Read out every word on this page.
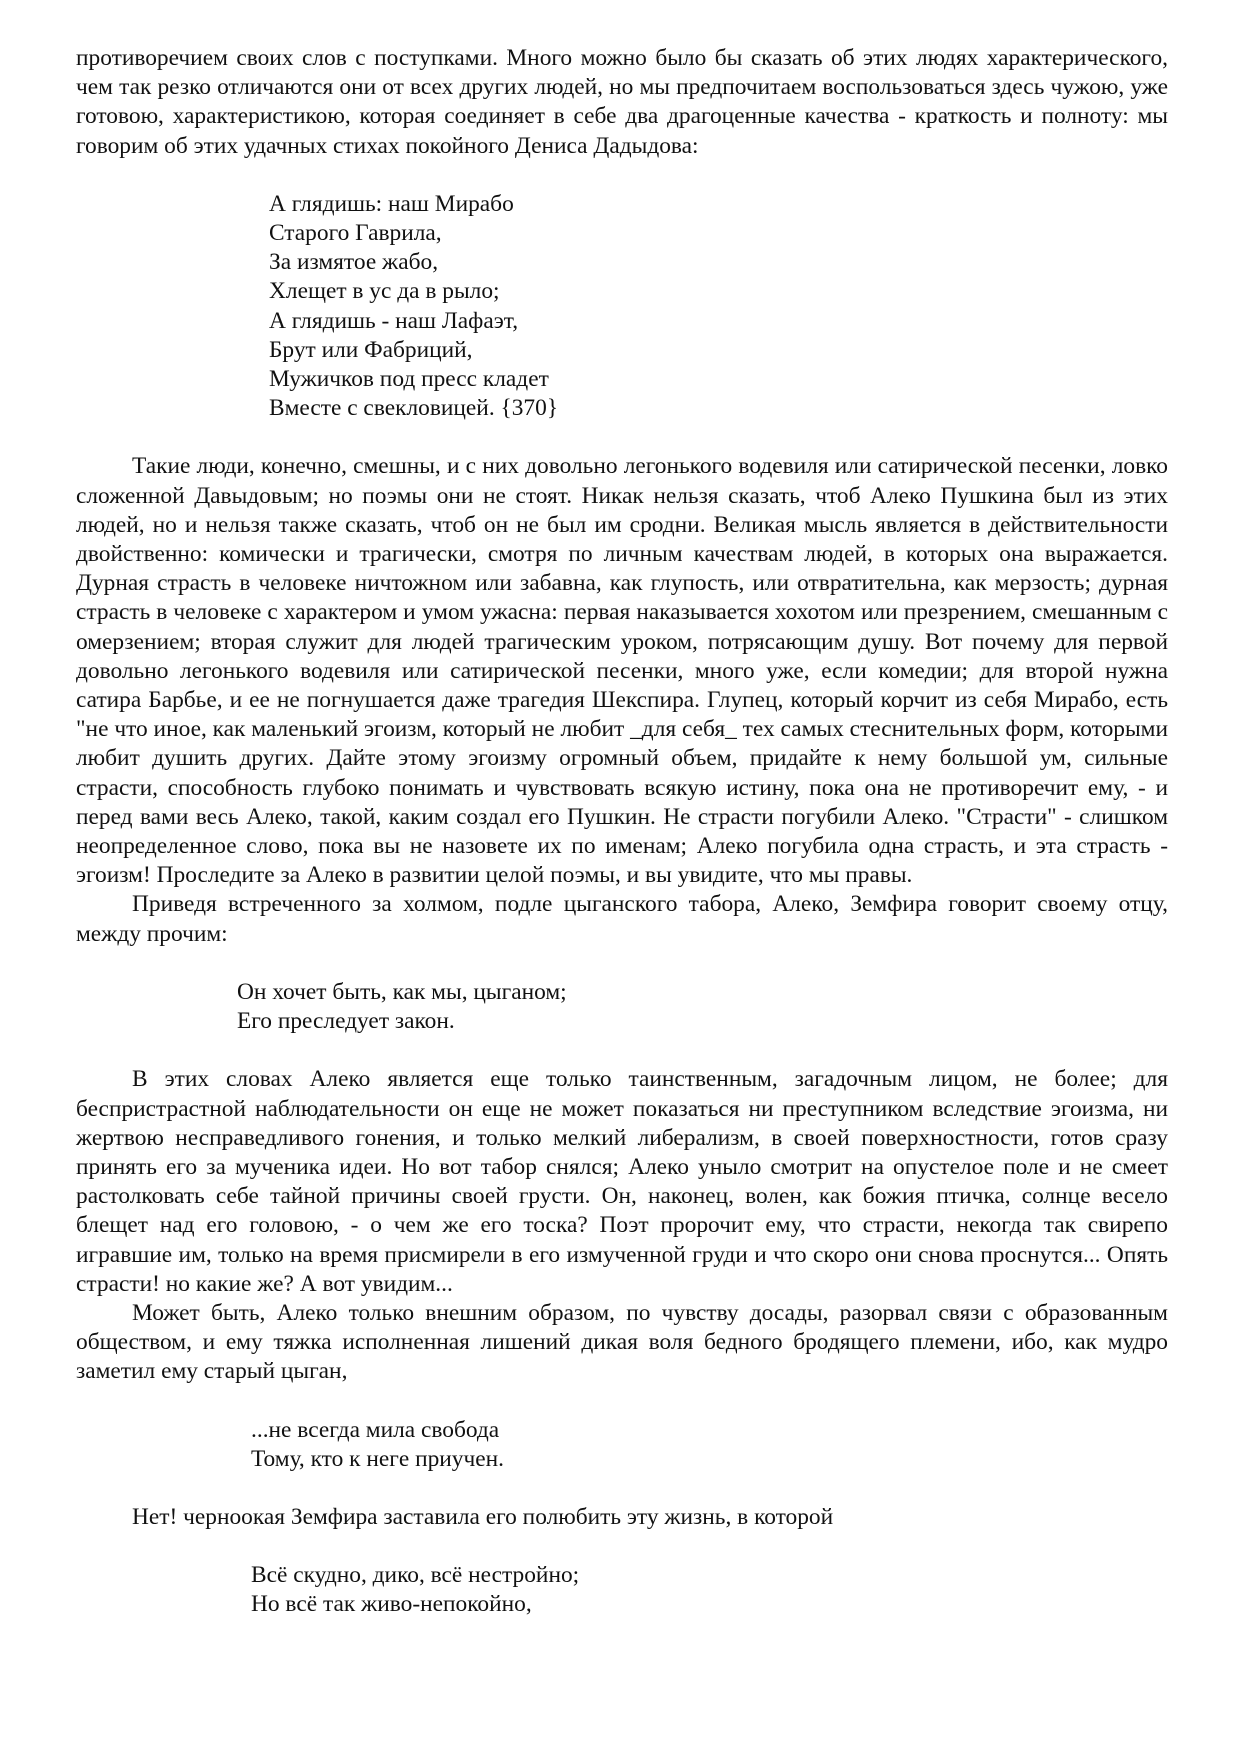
противоречием своих слов с поступками. Много можно было бы сказать об этих людях характерического, чем так резко отличаются они от всех других людей, но мы предпочитаем воспользоваться здесь чужою, уже готовою, характеристикою, которая соединяет в себе два драгоценные качества - краткость и полноту: мы говорим об этих удачных стихах покойного Дениса Дадыдова:

А глядишь: наш Мирабо
Старого Гаврила,
За измятое жабо,
Хлещет в ус да в рыло;
А глядишь - наш Лафаэт,
Брут или Фабриций,
Мужичков под пресс кладет
Вместе с свекловицей. {370}

Такие люди, конечно, смешны, и с них довольно легонького водевиля или сатирической песенки, ловко сложенной Давыдовым; но поэмы они не стоят. Никак нельзя сказать, чтоб Алеко Пушкина был из этих людей, но и нельзя также сказать, чтоб он не был им сродни. Великая мысль является в действительности двойственно: комически и трагически, смотря по личным качествам людей, в которых она выражается. Дурная страсть в человеке ничтожном или забавна, как глупость, или отвратительна, как мерзость; дурная страсть в человеке с характером и умом ужасна: первая наказывается хохотом или презрением, смешанным с омерзением; вторая служит для людей трагическим уроком, потрясающим душу. Вот почему для первой довольно легонького водевиля или сатирической песенки, много уже, если комедии; для второй нужна сатира Барбье, и ее не погнушается даже трагедия Шекспира. Глупец, который корчит из себя Мирабо, есть "не что иное, как маленький эгоизм, который не любит _для себя_ тех самых стеснительных форм, которыми любит душить других. Дайте этому эгоизму огромный объем, придайте к нему большой ум, сильные страсти, способность глубоко понимать и чувствовать всякую истину, пока она не противоречит ему, - и перед вами весь Алеко, такой, каким создал его Пушкин. Не страсти погубили Алеко. "Страсти" - слишком неопределенное слово, пока вы не назовете их по именам; Алеко погубила одна страсть, и эта страсть - эгоизм! Проследите за Алеко в развитии целой поэмы, и вы увидите, что мы правы.

Приведя встреченного за холмом, подле цыганского табора, Алеко, Земфира говорит своему отцу, между прочим:

Он хочет быть, как мы, цыганом;
Его преследует закон.

В этих словах Алеко является еще только таинственным, загадочным лицом, не более; для беспристрастной наблюдательности он еще не может показаться ни преступником вследствие эгоизма, ни жертвою несправедливого гонения, и только мелкий либерализм, в своей поверхностности, готов сразу принять его за мученика идеи. Но вот табор снялся; Алеко уныло смотрит на опустелое поле и не смеет растолковать себе тайной причины своей грусти. Он, наконец, волен, как божия птичка, солнце весело блещет над его головою, - о чем же его тоска? Поэт пророчит ему, что страсти, некогда так свирепо игравшие им, только на время присмирели в его измученной груди и что скоро они снова проснутся... Опять страсти! но какие же? А вот увидим...

Может быть, Алеко только внешним образом, по чувству досады, разорвал связи с образованным обществом, и ему тяжка исполненная лишений дикая воля бедного бродящего племени, ибо, как мудро заметил ему старый цыган,

...не всегда мила свобода
Тому, кто к негe приучен.

Нет! черноокая Земфира заставила его полюбить эту жизнь, в которой

Всё скудно, дико, всё нестройно;
Но всё так живо-непокойно,
